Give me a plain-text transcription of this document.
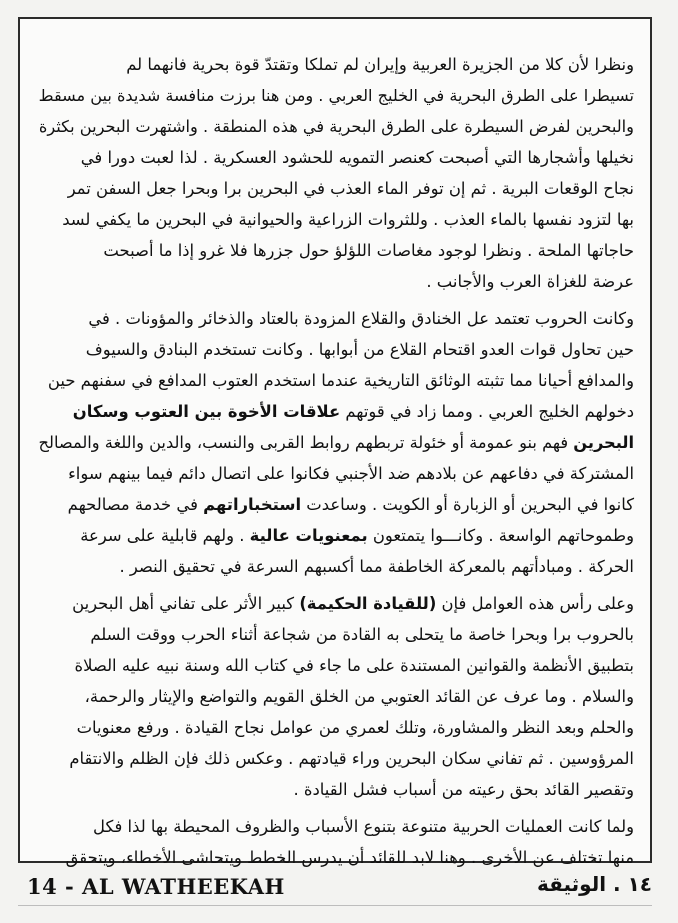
ونظرا لأن كلا من الجزيرة العربية وإيران لم تملكا وتقتدّ قوة بحرية فانهما لم
تسيطرا على الطرق البحرية في الخليج العربي . ومن هنا برزت منافسة شديدة بين مسقط
والبحرين لفرض السيطرة على الطرق البحرية في هذه المنطقة . واشتهرت البحرين بكثرة
نخيلها وأشجارها التي أصبحت كعنصر التمويه للحشود العسكرية . لذا لعبت دورا في
نجاح الوقعات البرية . ثم إن توفر الماء العذب في البحرين برا وبحرا جعل السفن تمر
بها لتزود نفسها بالماء العذب . وللثروات الزراعية والحيوانية في البحرين ما يكفي لسد
حاجاتها الملحة . ونظرا لوجود مغاصات اللؤلؤ حول جزرها فلا غرو إذا ما أصبحت
عرضة للغزاة العرب والأجانب .

وكانت الحروب تعتمد عل الخنادق والقلاع المزودة بالعتاد والذخائر والمؤونات . في
حين تحاول قوات العدو اقتحام القلاع من أبوابها . وكانت تستخدم البنادق والسيوف
والمدافع أحيانا مما تثبته الوثائق التاريخية عندما استخدم العتوب المدافع في سفنهم حين
دخولهم الخليج العربي . ومما زاد في قوتهم علاقات الأخوة بين العتوب وسكان
البحرين فهم بنو عمومة أو خئولة تربطهم روابط القربى والنسب، والدين واللغة والمصالح
المشتركة في دفاعهم عن بلادهم ضد الأجنبي فكانوا على اتصال دائم فيما بينهم سواء
كانوا في البحرين أو الزبارة أو الكويت . وساعدت استخباراتهم في خدمة مصالحهم
وطموحاتهم الواسعة . وكانـــوا يتمتعون بمعنويات عالية . ولهم قابلية على سرعة
الحركة . ومبادأتهم بالمعركة الخاطفة مما أكسبهم السرعة في تحقيق النصر .

وعلى رأس هذه العوامل فإن (للقيادة الحكيمة) كبير الأثر على تفاني أهل البحرين
بالحروب برا وبحرا خاصة ما يتحلى به القادة من شجاعة أثناء الحرب ووقت السلم
بتطبيق الأنظمة والقوانين المستندة على ما جاء في كتاب الله وسنة نبيه عليه الصلاة
والسلام . وما عرف عن القائد العتوبي من الخلق القويم والتواضع والإيثار والرحمة،
والحلم وبعد النظر والمشاورة، وتلك لعمري من عوامل نجاح القيادة . ورفع معنويات
المرؤوسين . ثم تفاني سكان البحرين وراء قيادتهم . وعكس ذلك فإن الظلم والانتقام
وتقصير القائد بحق رعيته من أسباب فشل القيادة .

ولما كانت العمليات الحربية متنوعة بتنوع الأسباب والظروف المحيطة بها لذا فكل
منها تختلف عن الأخرى . وهنا لابد للقائد أن يدرس الخطط ويتحاشى الأخطاء، ويتحقق

14 - AL WATHEEKAH	١٤ . الوثيقة
